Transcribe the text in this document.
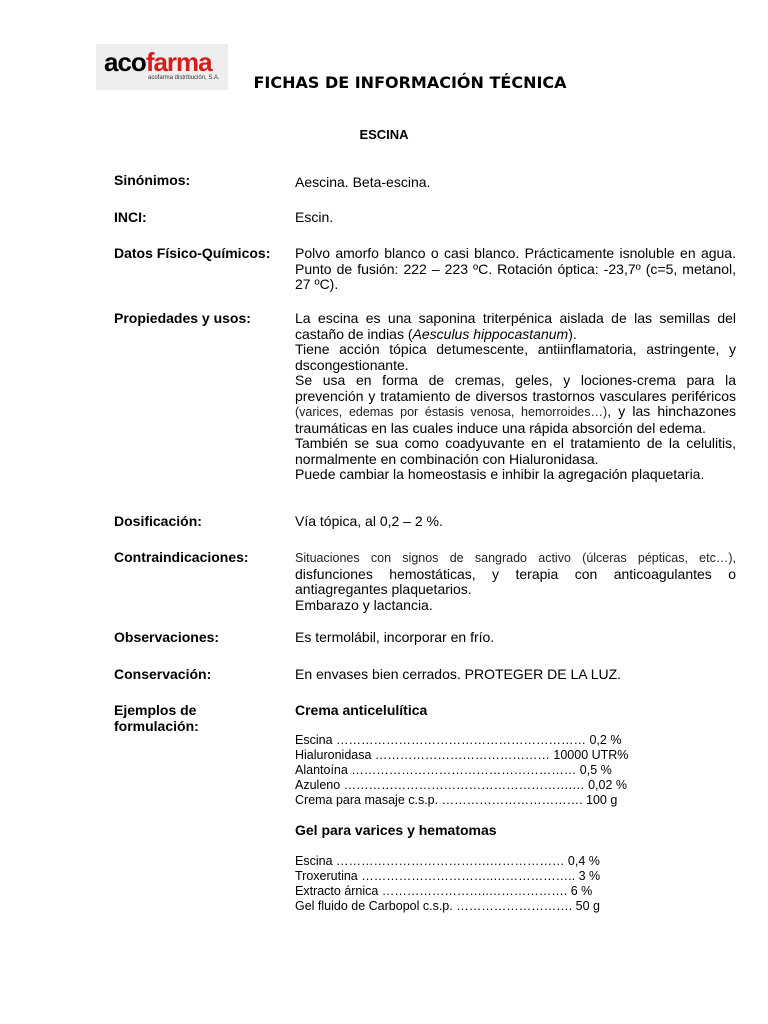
acofarma
acofarma distribución, S.A.	FICHAS DE INFORMACIÓN TÉCNICA
ESCINA
Sinónimos:	Aescina. Beta-escina.
INCI:	Escin.
Datos Físico-Químicos:	Polvo amorfo blanco o casi blanco. Prácticamente isnoluble en agua. Punto de fusión: 222 – 223 ºC. Rotación óptica: -23,7º (c=5, metanol, 27 ºC).

Propiedades y usos:	La escina es una saponina triterpénica aislada de las semillas del castaño de indias (Aesculus hippocastanum).

Tiene acción tópica detumescente, antiinflamatoria, astringente, y dscongestionante.

Se usa en forma de cremas, geles, y lociones-crema para la prevención y tratamiento de diversos trastornos vasculares periféricos (varices, edemas por éstasis venosa, hemorroides…), y las hinchazones traumáticas en las cuales induce una rápida absorción del edema.

También se sua como coadyuvante en el tratamiento de la celulitis, normalmente en combinación con Hialuronidasa.

Puede cambiar la homeostasis e inhibir la agregación plaquetaria.

Dosificación:	Vía tópica, al 0,2 – 2 %.
Contraindicaciones:	Situaciones con signos de sangrado activo (úlceras pépticas, etc…), disfunciones hemostáticas, y terapia con anticoagulantes o antiagregantes plaquetarios.

Embarazo y lactancia.

Observaciones:	Es termolábil, incorporar en frío.
Conservación:	En envases bien cerrados. PROTEGER DE LA LUZ.
Ejemplos de formulación:

Crema anticelulítica

Escina …………………………………………………… 0,2 %

Hialuronidasa …………………………………… 10000 UTR%

Alantoína ……………………………………………… 0,5 %

Azuleno ……………………………………………….… 0,02 %

Crema para masaje c.s.p. ……………………………. 100 g

Gel para varices y hematomas

Escina ……………………………….……………… 0,4 %

Troxerutina …………………………..……………….. 3 %

Extracto árnica ……………………..………………. 6 %

Gel fluido de Carbopol c.s.p. ………………………. 50 g
